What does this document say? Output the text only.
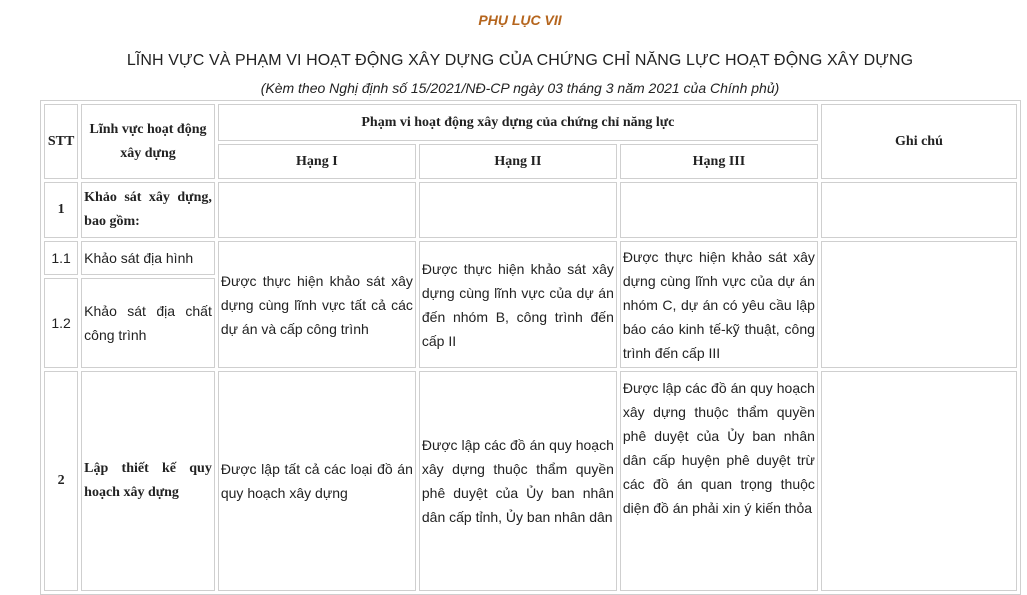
PHỤ LỤC VII
LĨNH VỰC VÀ PHẠM VI HOẠT ĐỘNG XÂY DỰNG CỦA CHỨNG CHỈ NĂNG LỰC HOẠT ĐỘNG XÂY DỰNG
(Kèm theo Nghị định số 15/2021/NĐ-CP ngày 03 tháng 3 năm 2021 của Chính phủ)
STT	Lĩnh vực hoạt động xây dựng	Phạm vi hoạt động xây dựng của chứng chỉ năng lực			Ghi chú
		Hạng I	Hạng II	Hạng III	
1	Khảo sát xây dựng, bao gồm:				
1.1	Khảo sát địa hình	Được thực hiện khảo sát xây dựng cùng lĩnh vực tất cả các dự án và cấp công trình	Được thực hiện khảo sát xây dựng cùng lĩnh vực của dự án đến nhóm B, công trình đến cấp II	Được thực hiện khảo sát xây dựng cùng lĩnh vực của dự án nhóm C, dự án có yêu cầu lập báo cáo kinh tế-kỹ thuật, công trình đến cấp III	
1.2	Khảo sát địa chất công trình				
2	Lập thiết kế quy hoạch xây dựng	Được lập tất cả các loại đồ án quy hoạch xây dựng	Được lập các đồ án quy hoạch xây dựng thuộc thẩm quyền phê duyệt của Ủy ban nhân dân cấp tỉnh, Ủy ban nhân dân	Được lập các đồ án quy hoạch xây dựng thuộc thẩm quyền phê duyệt của Ủy ban nhân dân cấp huyện phê duyệt trừ các đồ án quan trọng thuộc diện đồ án phải xin ý kiến thỏa	
